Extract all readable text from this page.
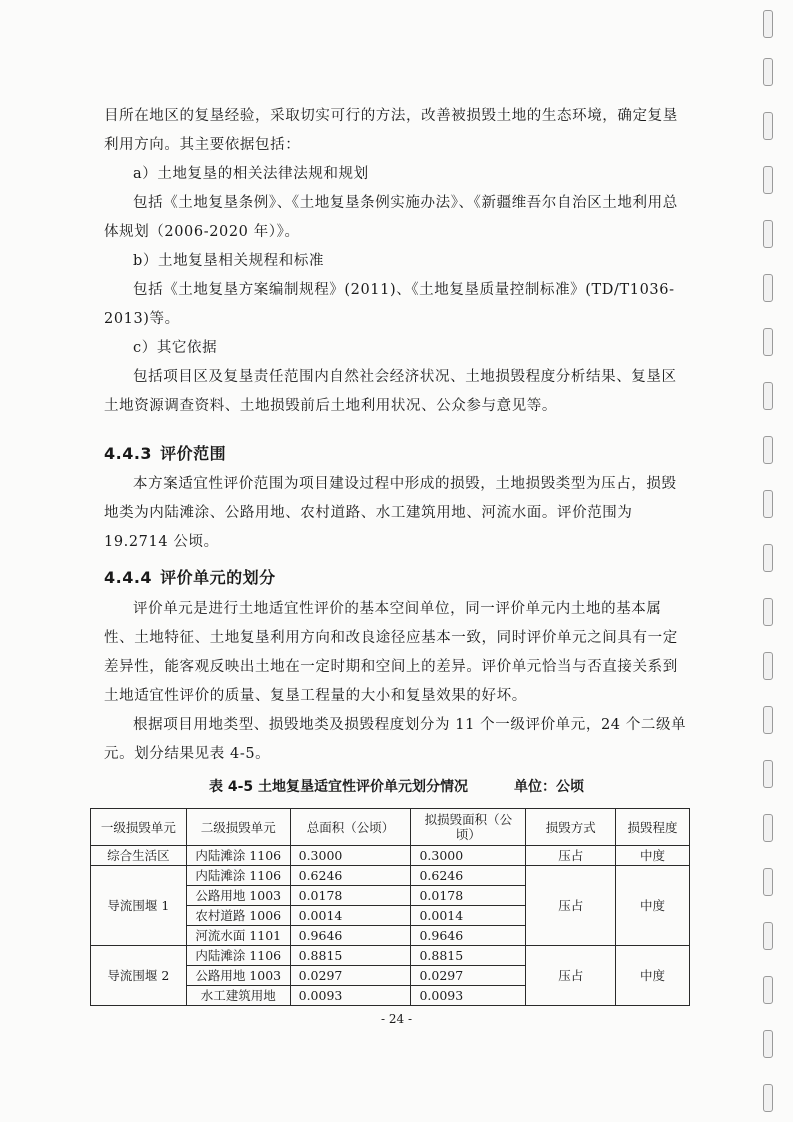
目所在地区的复垦经验，采取切实可行的方法，改善被损毁土地的生态环境，确定复垦利用方向。其主要依据包括：

a）土地复垦的相关法律法规和规划

包括《土地复垦条例》、《土地复垦条例实施办法》、《新疆维吾尔自治区土地利用总体规划（2006-2020 年）》。

b）土地复垦相关规程和标准

包括《土地复垦方案编制规程》(2011)、《土地复垦质量控制标准》(TD/T1036-2013)等。

c）其它依据

包括项目区及复垦责任范围内自然社会经济状况、土地损毁程度分析结果、复垦区土地资源调查资料、土地损毁前后土地利用状况、公众参与意见等。

4.4.3 评价范围

本方案适宜性评价范围为项目建设过程中形成的损毁，土地损毁类型为压占，损毁地类为内陆滩涂、公路用地、农村道路、水工建筑用地、河流水面。评价范围为 19.2714 公顷。

4.4.4 评价单元的划分

评价单元是进行土地适宜性评价的基本空间单位，同一评价单元内土地的基本属性、土地特征、土地复垦利用方向和改良途径应基本一致，同时评价单元之间具有一定差异性，能客观反映出土地在一定时期和空间上的差异。评价单元恰当与否直接关系到土地适宜性评价的质量、复垦工程量的大小和复垦效果的好坏。

根据项目用地类型、损毁地类及损毁程度划分为 11 个一级评价单元，24 个二级单元。划分结果见表 4-5。

表 4-5 土地复垦适宜性评价单元划分情况	单位：公顷
一级损毁单元	二级损毁单元	总面积（公顷）	拟损毁面积（公顷）	损毁方式	损毁程度
综合生活区	内陆滩涂 1106	0.3000	0.3000	压占	中度
导流围堰 1	内陆滩涂 1106	0.6246	0.6246	压占	中度
	公路用地 1003	0.0178	0.0178		
	农村道路 1006	0.0014	0.0014		
	河流水面 1101	0.9646	0.9646		
导流围堰 2	内陆滩涂 1106	0.8815	0.8815	压占	中度
	公路用地 1003	0.0297	0.0297		
	水工建筑用地	0.0093	0.0093		
- 24 -
